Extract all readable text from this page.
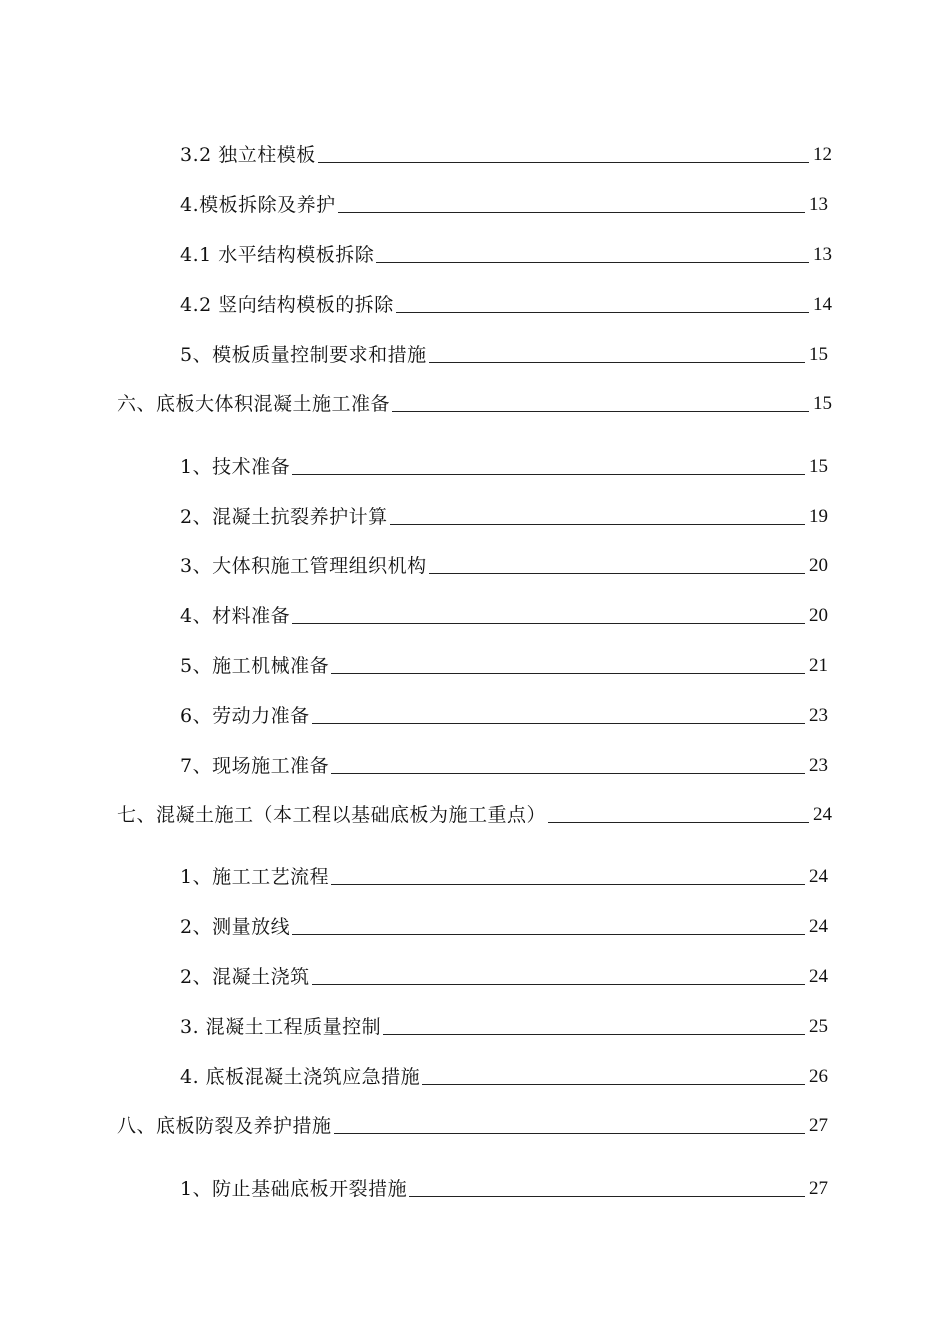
3.2 独立柱模板	12
4.模板拆除及养护	13
4.1 水平结构模板拆除	13
4.2 竖向结构模板的拆除	14
5、模板质量控制要求和措施	15
六、底板大体积混凝土施工准备	15
1、技术准备	15
2、混凝土抗裂养护计算	19
3、大体积施工管理组织机构	20
4、材料准备	20
5、施工机械准备	21
6、劳动力准备	23
7、现场施工准备	23
七、混凝土施工（本工程以基础底板为施工重点）	24
1、施工工艺流程	24
2、测量放线	24
2、混凝土浇筑	24
3. 混凝土工程质量控制	25
4. 底板混凝土浇筑应急措施	26
八、底板防裂及养护措施	27
1、防止基础底板开裂措施	27
